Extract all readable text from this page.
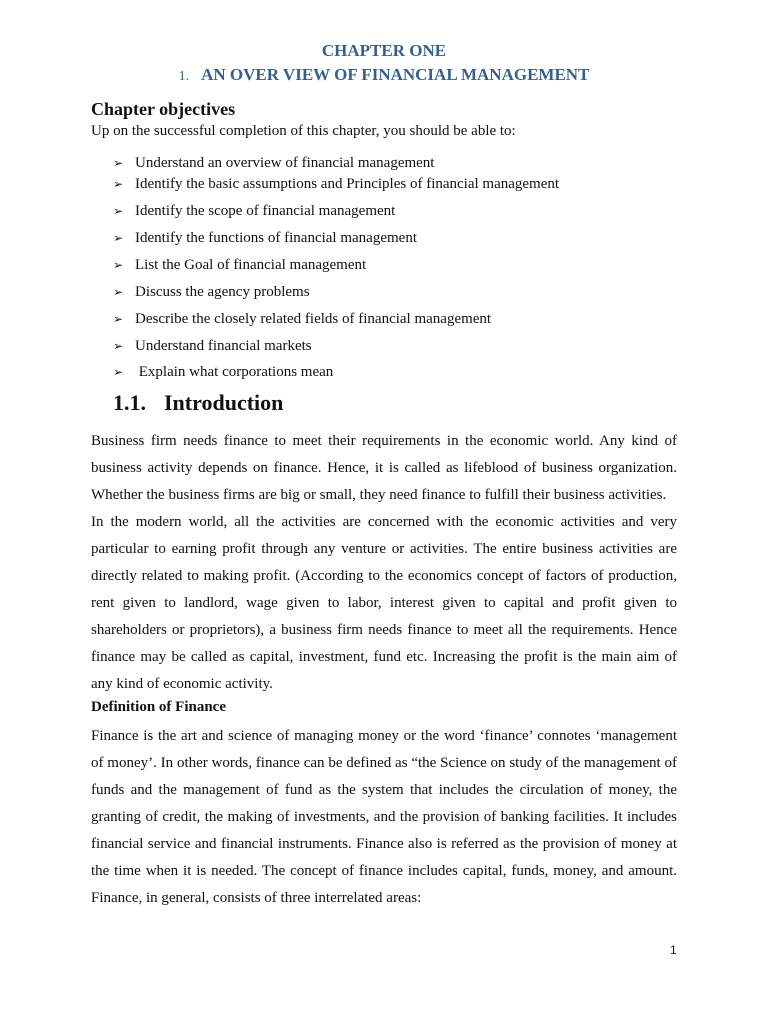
CHAPTER ONE
1. AN OVER VIEW OF FINANCIAL MANAGEMENT
Chapter objectives
Up on the successful completion of this chapter, you should be able to:
➢ Understand an overview of financial management
➢ Identify the basic assumptions and Principles of financial management
➢ Identify the scope of financial management
➢ Identify the functions of financial management
➢ List the Goal of financial management
➢ Discuss the agency problems
➢ Describe the closely related fields of financial management
➢ Understand financial markets
➢ Explain what corporations mean
1.1. Introduction

Business firm needs finance to meet their requirements in the economic world. Any kind of business activity depends on finance. Hence, it is called as lifeblood of business organization. Whether the business firms are big or small, they need finance to fulfill their business activities.

In the modern world, all the activities are concerned with the economic activities and very particular to earning profit through any venture or activities. The entire business activities are directly related to making profit. (According to the economics concept of factors of production, rent given to landlord, wage given to labor, interest given to capital and profit given to shareholders or proprietors), a business firm needs finance to meet all the requirements. Hence finance may be called as capital, investment, fund etc. Increasing the profit is the main aim of any kind of economic activity.

Definition of Finance

Finance is the art and science of managing money or the word ‘finance’ connotes ‘management of money’. In other words, finance can be defined as “the Science on study of the management of funds and the management of fund as the system that includes the circulation of money, the granting of credit, the making of investments, and the provision of banking facilities. It includes financial service and financial instruments. Finance also is referred as the provision of money at the time when it is needed. The concept of finance includes capital, funds, money, and amount. Finance, in general, consists of three interrelated areas:

1
